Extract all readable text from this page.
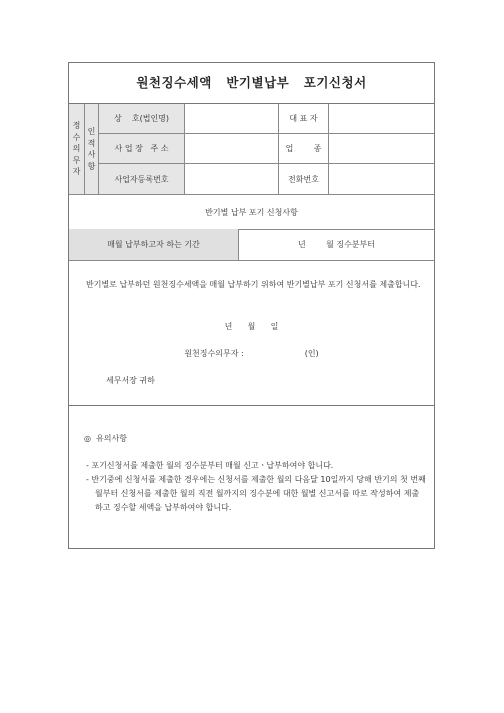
원천징수세액   반기별납부   포기신청서
정
수
의
무
자
인
적
사
항
상    호(법인명)	대 표 자
사 업 장   주 소	업        종
사업자등록번호	전화번호
반기별 납부 포기 신청사항
매월 납부하고자 하는 기간	년        월 징수분부터
반기별로 납부하던 원천징수세액을 매월 납부하기 위하여 반기별납부 포기 신청서를 제출합니다.
년      월      일
원천징수의무자 :                        (인)
세무서장 귀하
◎  유의사항
- 포기신청서를 제출한 월의 징수분부터 매월 신고ㆍ납부하여야 합니다.
- 반기중에 신청서를 제출한 경우에는 신청서를 제출한 월의 다음달 10일까지 당해 반기의 첫 번째 월부터 신청서를 제출한 월의 직전 월까지의 징수분에 대한 월별 신고서를 따로 작성하여 제출하고 징수할 세액을 납부하여야 합니다.
